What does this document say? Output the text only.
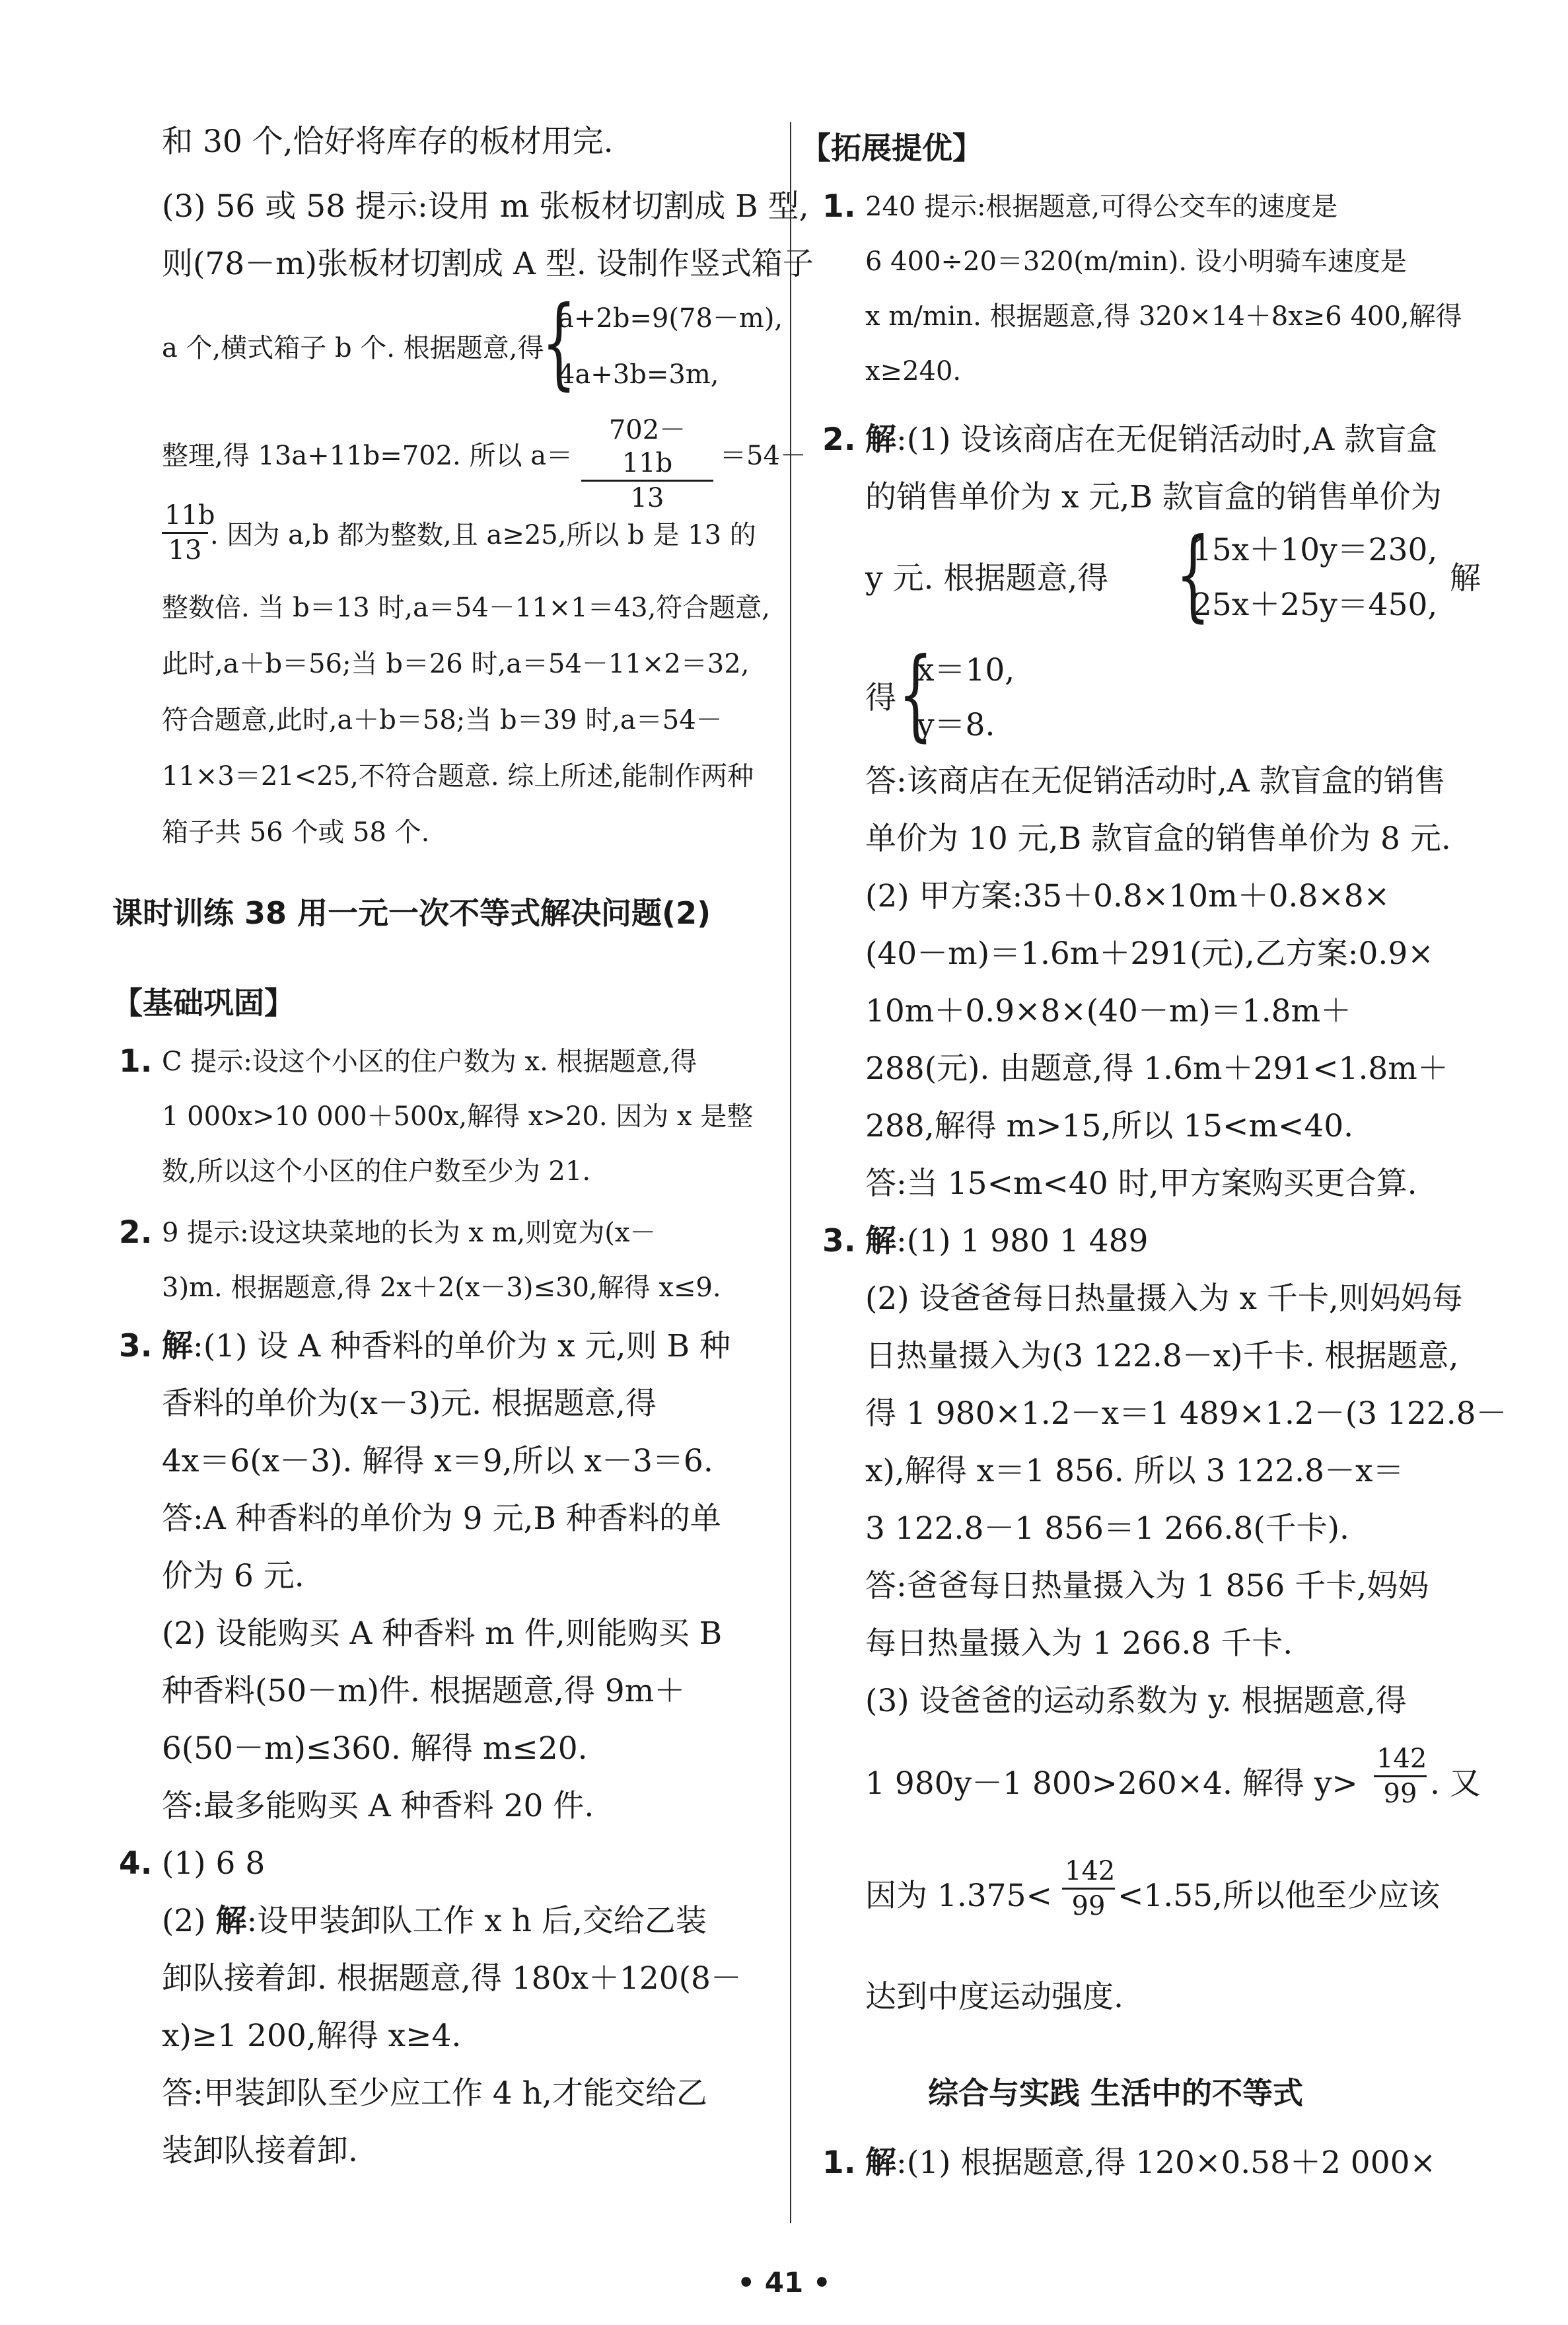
和 30 个,恰好将库存的板材用完.
(3) 56 或 58 提示:设用 m 张板材切割成 B 型,
则(78－m)张板材切割成 A 型. 设制作竖式箱子
a 个,横式箱子 b 个. 根据题意,得
{
a+2b=9(78－m),
4a+3b=3m,
整理,得 13a+11b=702. 所以 $a= \frac{702-11b}{13} =54-$
$\frac{11b}{13}$ . 因为 a,b 都为整数,且 a≥25,所以 b 是 13 的
整数倍. 当 b＝13 时,a＝54－11×1＝43,符合题意,
此时,a＋b＝56;当 b＝26 时,a＝54－11×2＝32,
符合题意,此时,a＋b＝58;当 b＝39 时,a＝54－
11×3＝21<25,不符合题意. 综上所述,能制作两种
箱子共 56 个或 58 个.
课时训练 38 用一元一次不等式解决问题(2)
【基础巩固】
1. C 提示:设这个小区的住户数为 x. 根据题意,得
1 000x>10 000＋500x,解得 x>20. 因为 x 是整
数,所以这个小区的住户数至少为 21.
2. 9 提示:设这块菜地的长为 x m,则宽为(x－
3)m. 根据题意,得 2x＋2(x－3)≤30,解得 x≤9.
3. 解:(1) 设 A 种香料的单价为 x 元,则 B 种
香料的单价为(x－3)元. 根据题意,得
4x＝6(x－3). 解得 x＝9,所以 x－3＝6.
答:A 种香料的单价为 9 元,B 种香料的单
价为 6 元.
(2) 设能购买 A 种香料 m 件,则能购买 B
种香料(50－m)件. 根据题意,得 9m＋
6(50－m)≤360. 解得 m≤20.
答:最多能购买 A 种香料 20 件.
4. (1) 6 8
(2) 解:设甲装卸队工作 x h 后,交给乙装
卸队接着卸. 根据题意,得 180x＋120(8－
x)≥1 200,解得 x≥4.
答:甲装卸队至少应工作 4 h,才能交给乙
装卸队接着卸.
【拓展提优】
1. 240 提示:根据题意,可得公交车的速度是
6 400÷20＝320(m/min). 设小明骑车速度是
x m/min. 根据题意,得 320×14＋8x≥6 400,解得
x≥240.
2. 解:(1) 设该商店在无促销活动时,A 款盲盒
的销售单价为 x 元,B 款盲盒的销售单价为
y 元. 根据题意,得 {
15x＋10y＝230,
25x＋25y＝450,
解
得 {
x＝10,
y＝8.
答:该商店在无促销活动时,A 款盲盒的销售
单价为 10 元,B 款盲盒的销售单价为 8 元.
(2) 甲方案:35＋0.8×10m＋0.8×8×
(40－m)＝1.6m＋291(元),乙方案:0.9×
10m＋0.9×8×(40－m)＝1.8m＋
288(元). 由题意,得 1.6m＋291<1.8m＋
288,解得 m>15,所以 15<m<40.
答:当 15<m<40 时,甲方案购买更合算.
3. 解:(1) 1 980 1 489
(2) 设爸爸每日热量摄入为 x 千卡,则妈妈每
日热量摄入为(3 122.8－x)千卡. 根据题意,
得 1 980×1.2－x＝1 489×1.2－(3 122.8－
x),解得 x＝1 856. 所以 3 122.8－x＝
3 122.8－1 856＝1 266.8(千卡).
答:爸爸每日热量摄入为 1 856 千卡,妈妈
每日热量摄入为 1 266.8 千卡.
(3) 设爸爸的运动系数为 y. 根据题意,得
1 980y－1 800>260×4. 解得 $y> \frac{142}{99}$ . 又
因为 $1.375< \frac{142}{99} <1.55$,所以他至少应该
达到中度运动强度.
综合与实践 生活中的不等式
1. 解:(1) 根据题意,得 120×0.58＋2 000×
• 41 •
